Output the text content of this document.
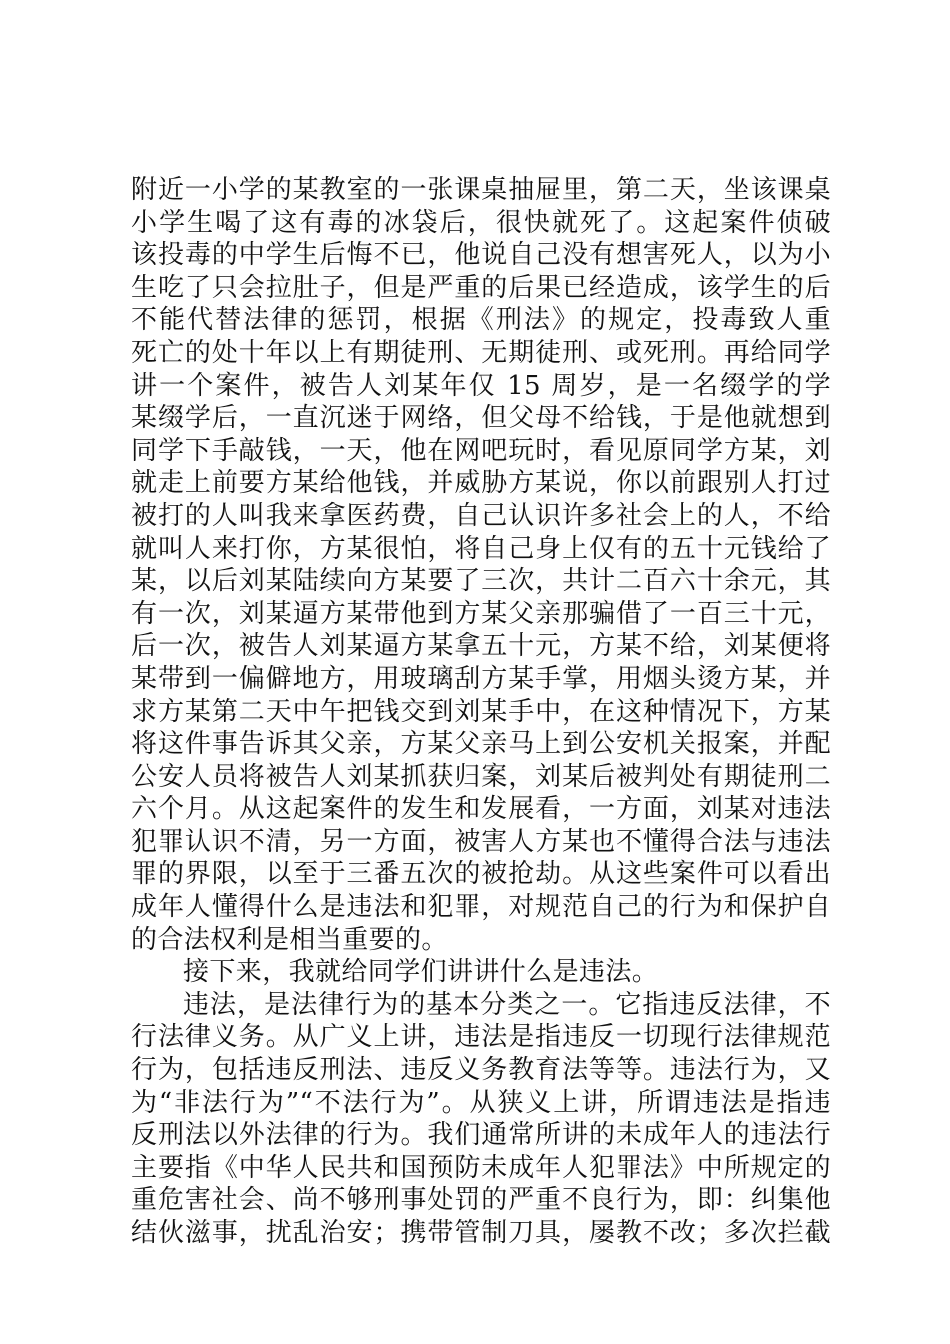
附近一小学的某教室的一张课桌抽屉里，第二天，坐该课桌
小学生喝了这有毒的冰袋后，很快就死了。这起案件侦破
该投毒的中学生后悔不已，他说自己没有想害死人，以为小
生吃了只会拉肚子，但是严重的后果已经造成，该学生的后
不能代替法律的惩罚，根据《刑法》的规定，投毒致人重
死亡的处十年以上有期徒刑、无期徒刑、或死刑。再给同学
讲一个案件，被告人刘某年仅 15 周岁，是一名缀学的学
某缀学后，一直沉迷于网络，但父母不给钱，于是他就想到
同学下手敲钱，一天，他在网吧玩时，看见原同学方某，刘
就走上前要方某给他钱，并威胁方某说，你以前跟别人打过
被打的人叫我来拿医药费，自己认识许多社会上的人，不给
就叫人来打你，方某很怕，将自己身上仅有的五十元钱给了
某，以后刘某陆续向方某要了三次，共计二百六十余元，其
有一次，刘某逼方某带他到方某父亲那骗借了一百三十元，
后一次，被告人刘某逼方某拿五十元，方某不给，刘某便将
某带到一偏僻地方，用玻璃刮方某手掌，用烟头烫方某，并
求方某第二天中午把钱交到刘某手中，在这种情况下，方某
将这件事告诉其父亲，方某父亲马上到公安机关报案，并配
公安人员将被告人刘某抓获归案，刘某后被判处有期徒刑二
六个月。从这起案件的发生和发展看，一方面，刘某对违法
犯罪认识不清，另一方面，被害人方某也不懂得合法与违法
罪的界限，以至于三番五次的被抢劫。从这些案件可以看出
成年人懂得什么是违法和犯罪，对规范自己的行为和保护自
的合法权利是相当重要的。
接下来，我就给同学们讲讲什么是违法。
违法，是法律行为的基本分类之一。它指违反法律，不
行法律义务。从广义上讲，违法是指违反一切现行法律规范
行为，包括违反刑法、违反义务教育法等等。违法行为，又
为“非法行为”“不法行为”。从狭义上讲，所谓违法是指违
反刑法以外法律的行为。我们通常所讲的未成年人的违法行
主要指《中华人民共和国预防未成年人犯罪法》中所规定的
重危害社会、尚不够刑事处罚的严重不良行为，即：纠集他
结伙滋事，扰乱治安；携带管制刀具，屡教不改；多次拦截
